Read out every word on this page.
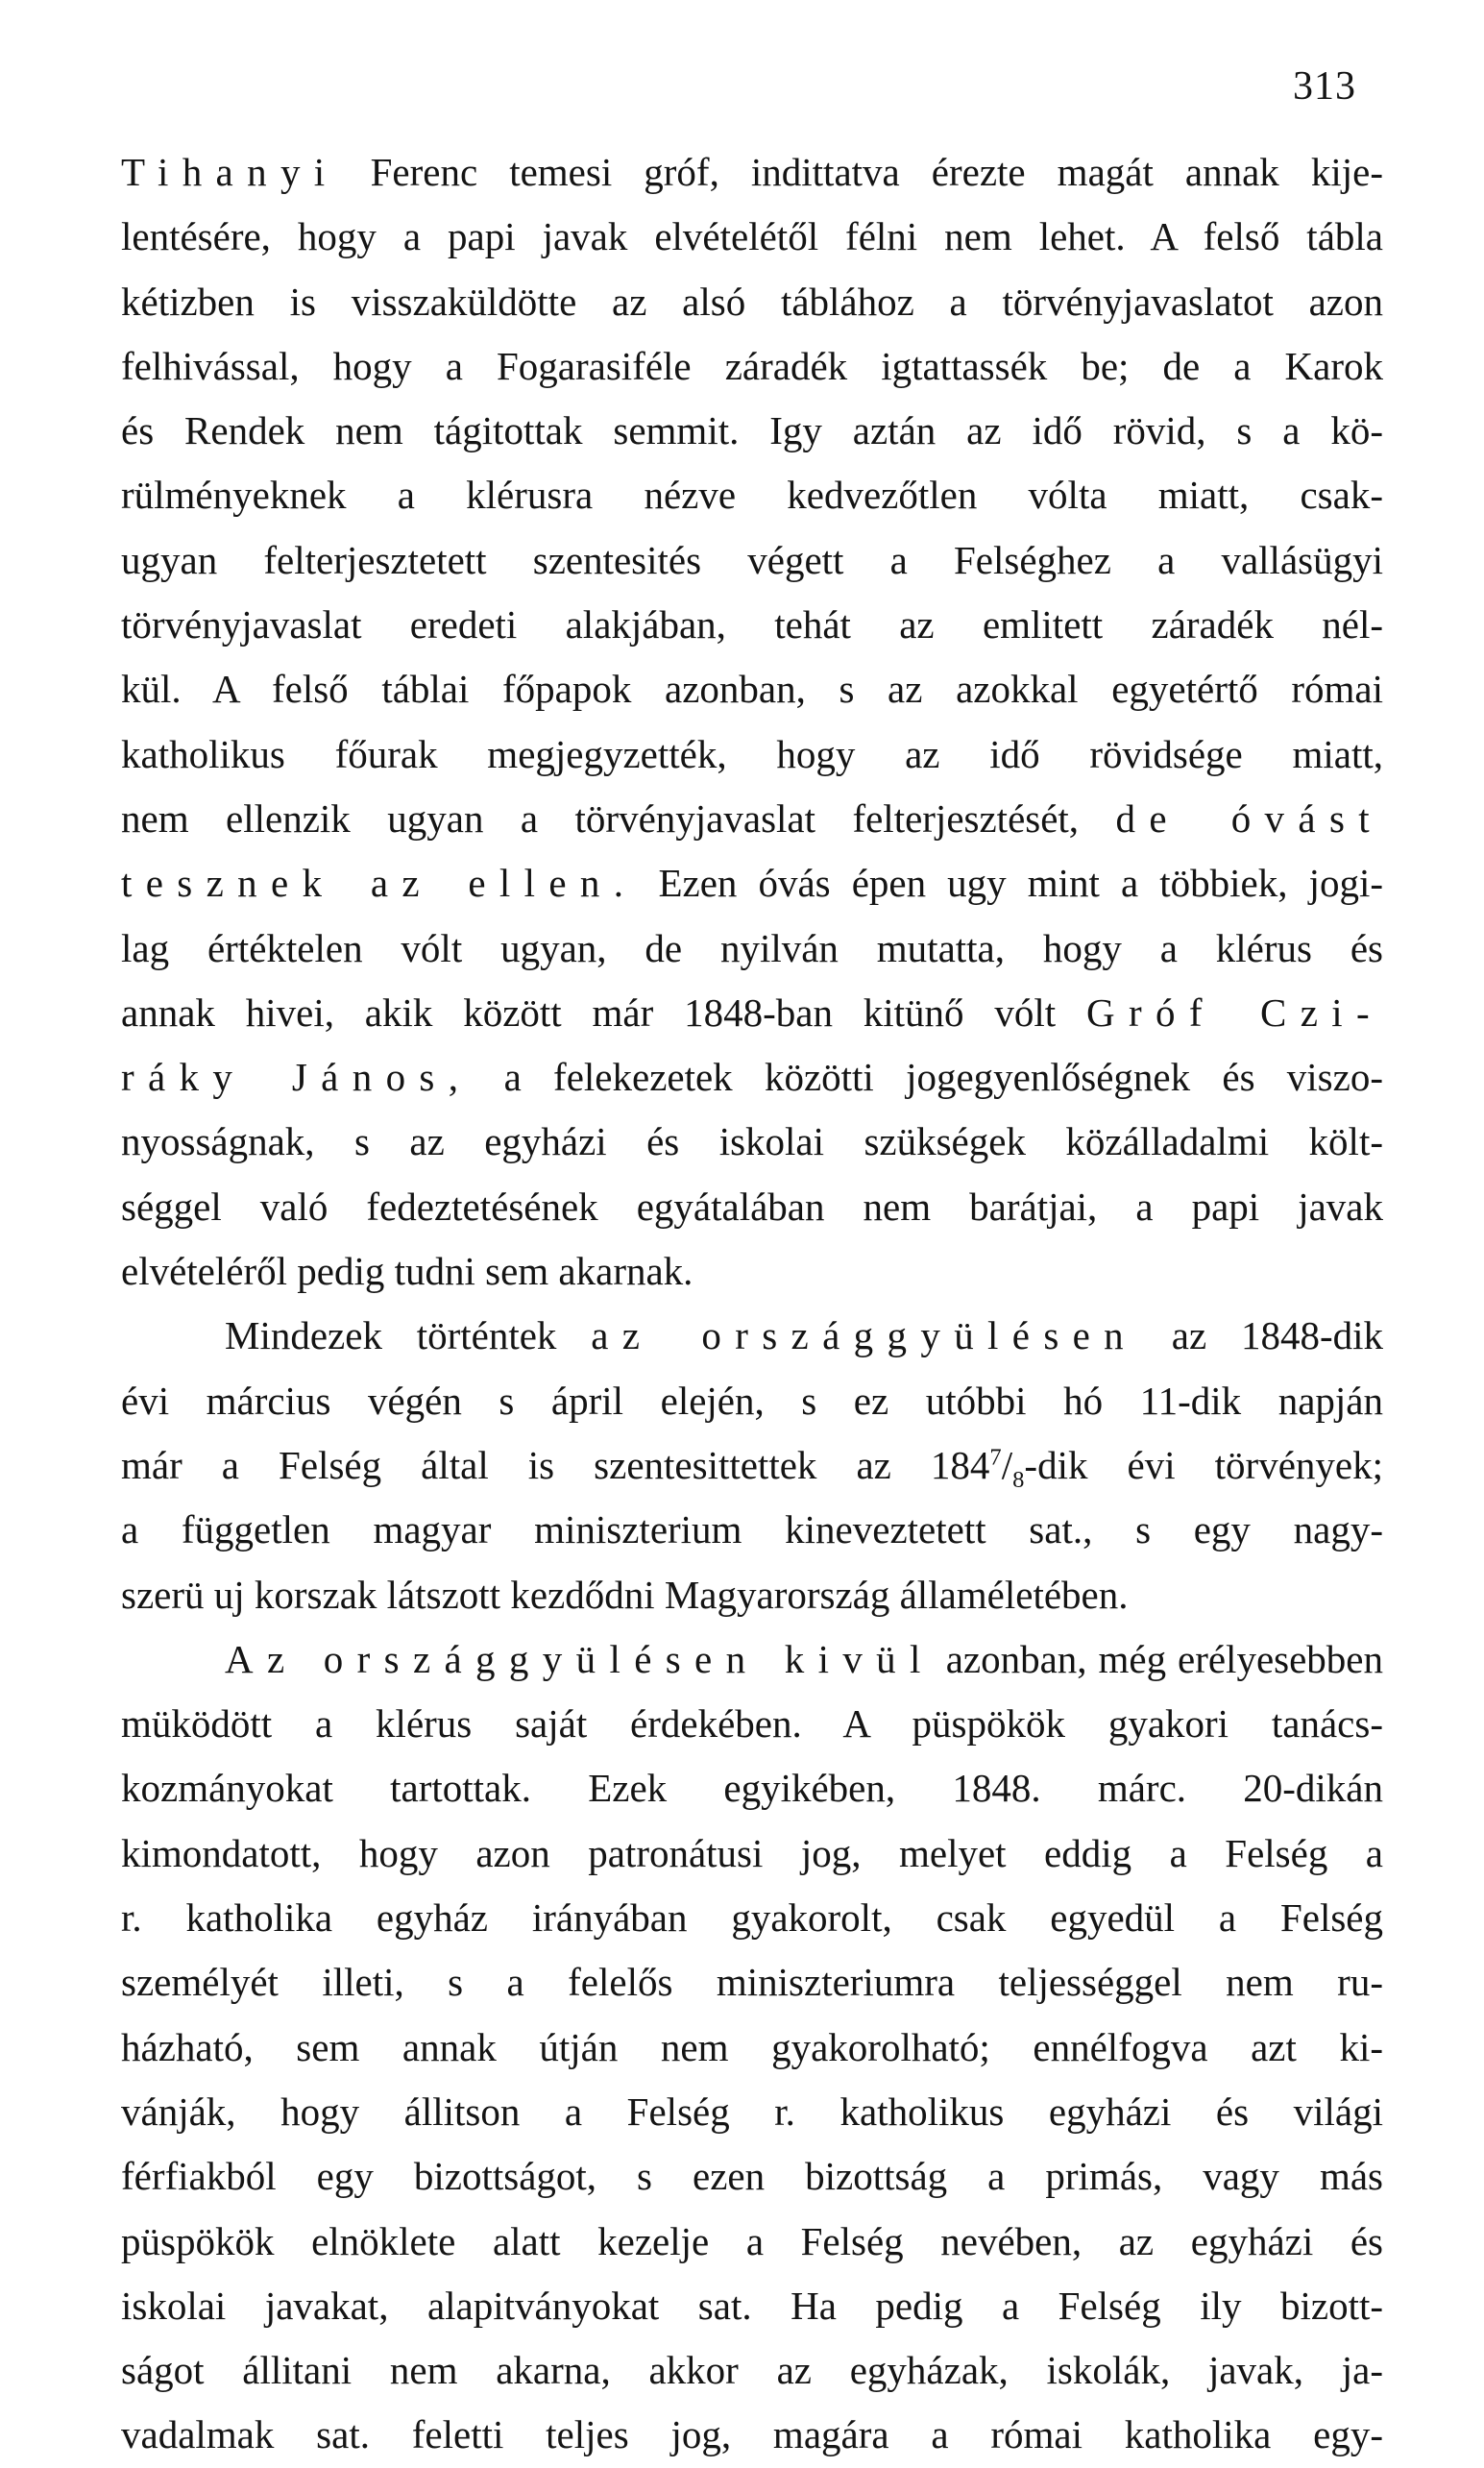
313
Tihanyi Ferenc temesi gróf, indittatva érezte magát annak kije-
lentésére, hogy a papi javak elvételétől félni nem lehet. A felső tábla
kétizben is visszaküldötte az alsó táblához a törvényjavaslatot azon
felhivással, hogy a Fogarasiféle záradék igtattassék be; de a Karok
és Rendek nem tágitottak semmit. Igy aztán az idő rövid, s a kö-
rülményeknek a klérusra nézve kedvezőtlen vólta miatt, csak-
ugyan felterjesztetett szentesités végett a Felséghez a vallásügyi
törvényjavaslat eredeti alakjában, tehát az emlitett záradék nél-
kül. A felső táblai főpapok azonban, s az azokkal egyetértő római
katholikus főurak megjegyzették, hogy az idő rövidsége miatt,
nem ellenzik ugyan a törvényjavaslat felterjesztését, de óvást
tesznek az ellen. Ezen óvás épen ugy mint a többiek, jogi-
lag értéktelen vólt ugyan, de nyilván mutatta, hogy a klérus és
annak hivei, akik között már 1848-ban kitünő vólt Gróf Czi-
ráky János, a felekezetek közötti jogegyenlőségnek és viszo-
nyosságnak, s az egyházi és iskolai szükségek közálladalmi költ-
séggel való fedeztetésének egyátalában nem barátjai, a papi javak
elvételéről pedig tudni sem akarnak.
Mindezek történtek az országgyülésen az 1848-dik
évi március végén s ápril elején, s ez utóbbi hó 11-dik napján
már a Felség által is szentesittettek az $184^7/_8$-dik évi törvények;
a független magyar miniszterium kineveztetett sat., s egy nagy-
szerü uj korszak látszott kezdődni Magyarország államéletében.
Az országgyülésen kivül azonban, még erélyesebben
müködött a klérus saját érdekében. A püspökök gyakori tanács-
kozmányokat tartottak. Ezek egyikében, 1848. márc. 20-dikán
kimondatott, hogy azon patronátusi jog, melyet eddig a Felség a
r. katholika egyház irányában gyakorolt, csak egyedül a Felség
személyét illeti, s a felelős miniszteriumra teljességgel nem ru-
házható, sem annak útján nem gyakorolható; ennélfogva azt ki-
vánják, hogy állitson a Felség r. katholikus egyházi és világi
férfiakból egy bizottságot, s ezen bizottság a primás, vagy más
püspökök elnöklete alatt kezelje a Felség nevében, az egyházi és
iskolai javakat, alapitványokat sat. Ha pedig a Felség ily bizott-
ságot állitani nem akarna, akkor az egyházak, iskolák, javak, ja-
vadalmak sat. feletti teljes jog, magára a római katholika egy-
